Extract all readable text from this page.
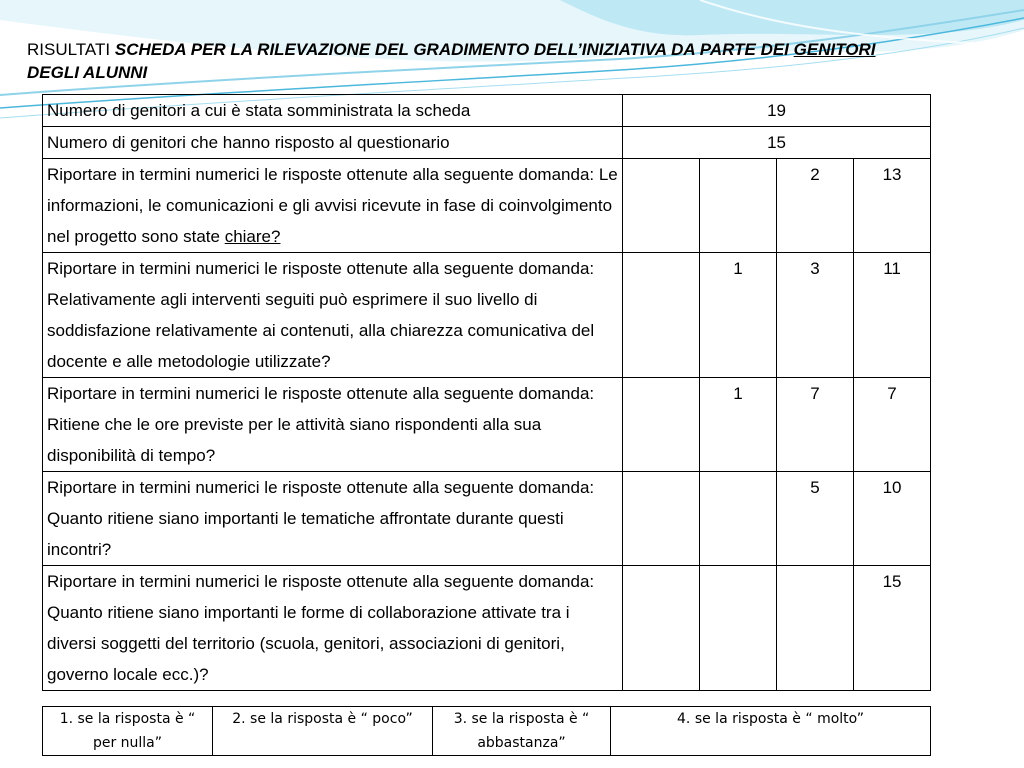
RISULTATI SCHEDA PER LA RILEVAZIONE DEL GRADIMENTO DELL’INIZIATIVA DA PARTE DEI GENITORI
DEGLI ALUNNI
Numero di genitori a cui è stata somministrata la scheda	19			
Numero di genitori che hanno risposto al questionario	15			
Riportare in termini numerici le risposte ottenute alla seguente domanda: Le informazioni, le comunicazioni e gli avvisi ricevute in fase di coinvolgimento nel progetto sono state chiare?			2	13
Riportare in termini numerici le risposte ottenute alla seguente domanda: Relativamente agli interventi seguiti può esprimere il suo livello di soddisfazione relativamente ai contenuti, alla chiarezza comunicativa del docente e alle metodologie utilizzate?		1	3	11
Riportare in termini numerici le risposte ottenute alla seguente domanda: Ritiene che le ore previste per le attività siano rispondenti alla sua disponibilità di tempo?		1	7	7
Riportare in termini numerici le risposte ottenute alla seguente domanda: Quanto ritiene siano importanti le tematiche affrontate durante questi incontri?			5	10
Riportare in termini numerici le risposte ottenute alla seguente domanda: Quanto ritiene siano importanti le forme di collaborazione attivate tra i diversi soggetti del territorio (scuola, genitori, associazioni di genitori, governo locale ecc.)?				15
1. se la risposta è “ per nulla”	2. se la risposta è “ poco”	3. se la risposta è “ abbastanza”	4. se la risposta è “ molto”
